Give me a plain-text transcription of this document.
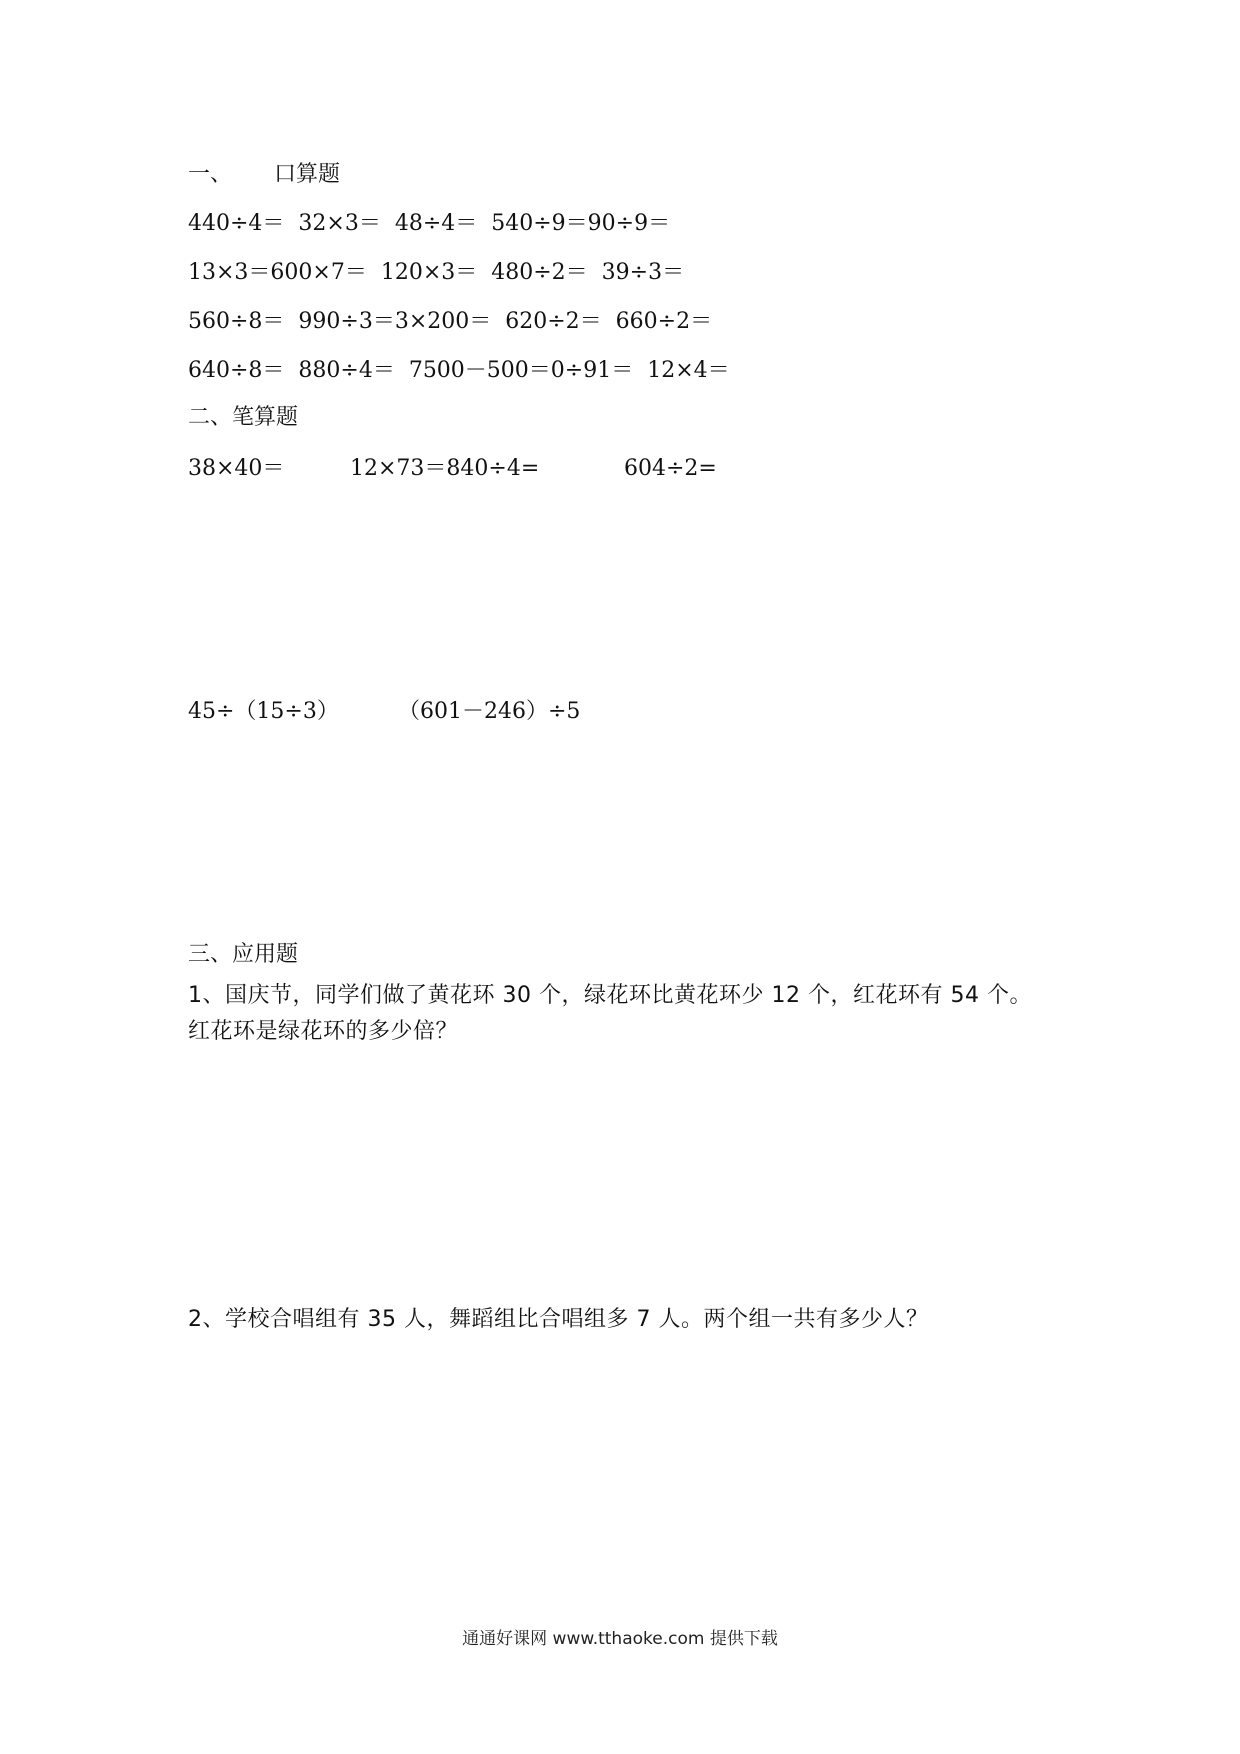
一、      口算题
440÷4＝  32×3＝  48÷4＝  540÷9＝90÷9＝
13×3＝600×7＝  120×3＝  480÷2＝  39÷3＝
560÷8＝  990÷3＝3×200＝  620÷2＝  660÷2＝
640÷8＝  880÷4＝  7500－500＝0÷91＝  12×4＝
二、笔算题
38×40＝	12×73＝840÷4=	604÷2=
45÷（15÷3）	（601－246）÷5
三、应用题
1、国庆节，同学们做了黄花环 30 个，绿花环比黄花环少 12 个，红花环有 54 个。红花环是绿花环的多少倍？
2、学校合唱组有 35 人，舞蹈组比合唱组多 7 人。两个组一共有多少人？
通通好课网 www.tthaoke.com 提供下载
